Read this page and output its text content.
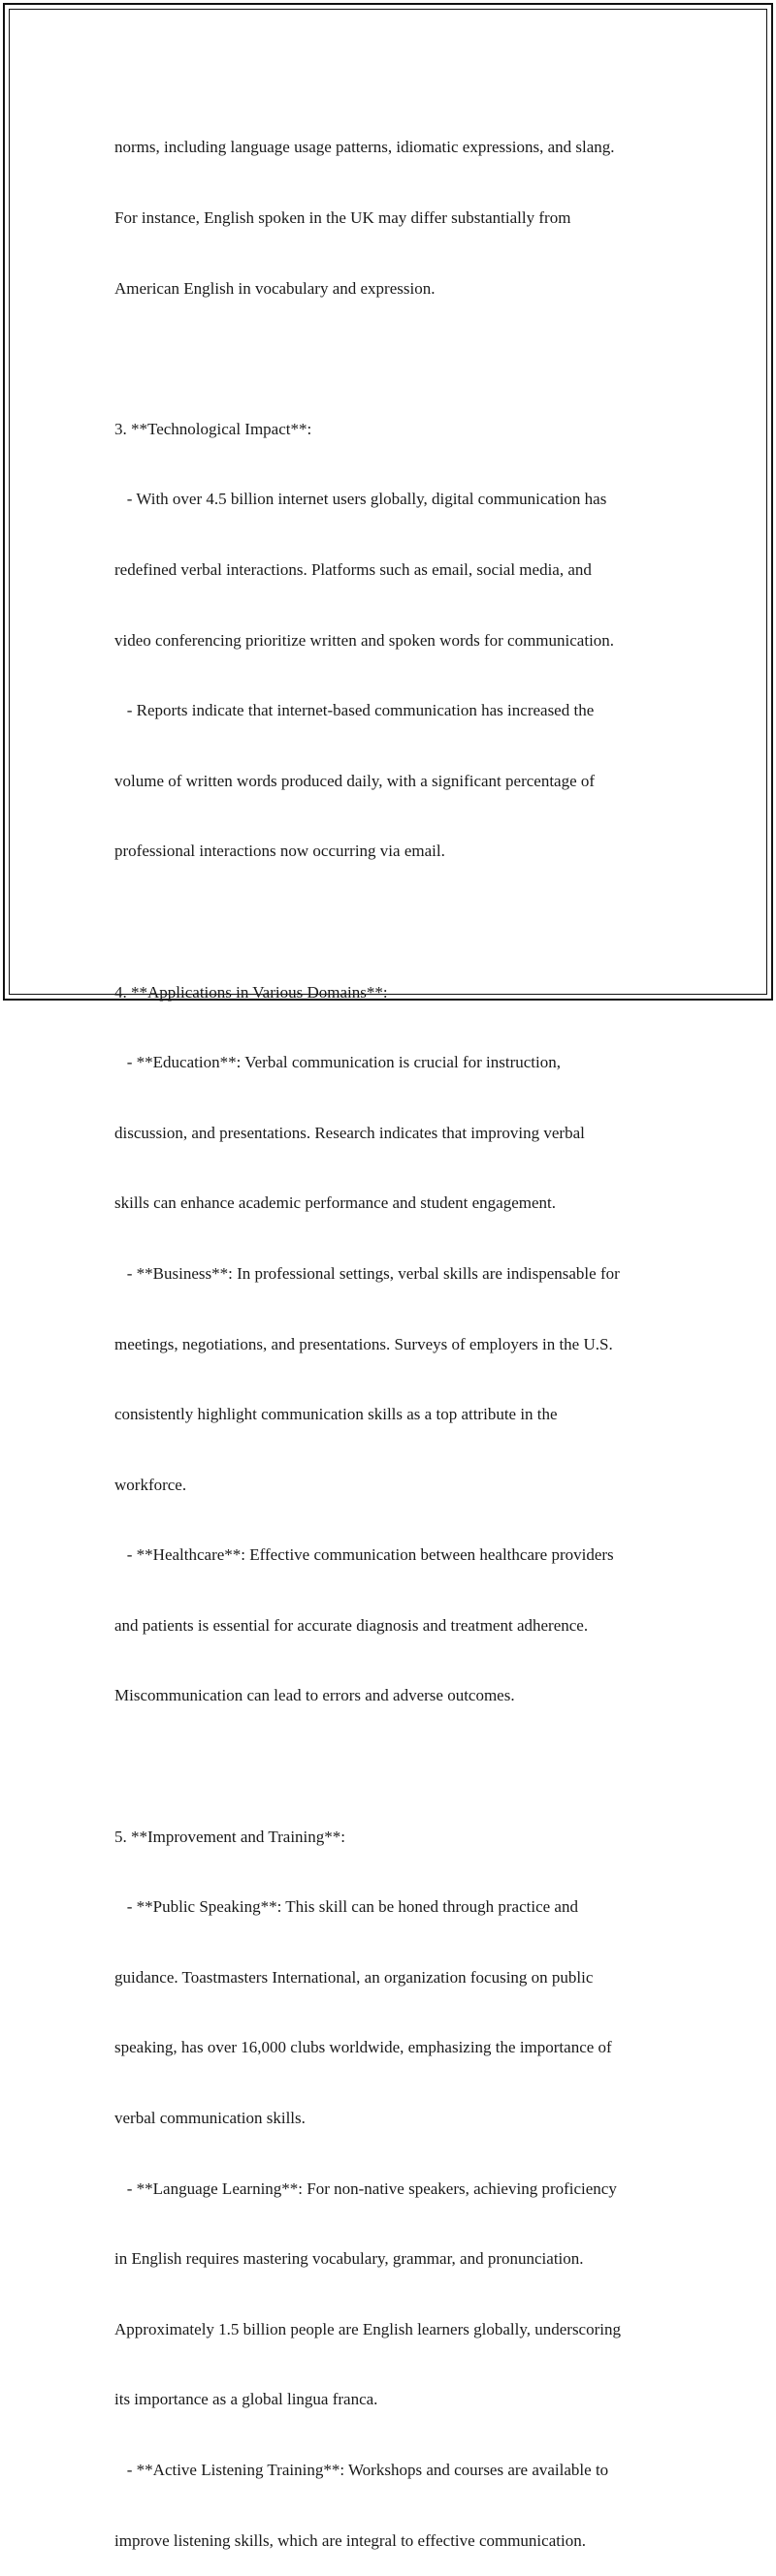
norms, including language usage patterns, idiomatic expressions, and slang.

For instance, English spoken in the UK may differ substantially from

American English in vocabulary and expression.

3. **Technological Impact**:

- With over 4.5 billion internet users globally, digital communication has

redefined verbal interactions. Platforms such as email, social media, and

video conferencing prioritize written and spoken words for communication.

- Reports indicate that internet-based communication has increased the

volume of written words produced daily, with a significant percentage of

professional interactions now occurring via email.

4. **Applications in Various Domains**:

- **Education**: Verbal communication is crucial for instruction,

discussion, and presentations. Research indicates that improving verbal

skills can enhance academic performance and student engagement.

- **Business**: In professional settings, verbal skills are indispensable for

meetings, negotiations, and presentations. Surveys of employers in the U.S.

consistently highlight communication skills as a top attribute in the

workforce.

- **Healthcare**: Effective communication between healthcare providers

and patients is essential for accurate diagnosis and treatment adherence.

Miscommunication can lead to errors and adverse outcomes.

5. **Improvement and Training**:

- **Public Speaking**: This skill can be honed through practice and

guidance. Toastmasters International, an organization focusing on public

speaking, has over 16,000 clubs worldwide, emphasizing the importance of

verbal communication skills.

- **Language Learning**: For non-native speakers, achieving proficiency

in English requires mastering vocabulary, grammar, and pronunciation.

Approximately 1.5 billion people are English learners globally, underscoring

its importance as a global lingua franca.

- **Active Listening Training**: Workshops and courses are available to

improve listening skills, which are integral to effective communication.
